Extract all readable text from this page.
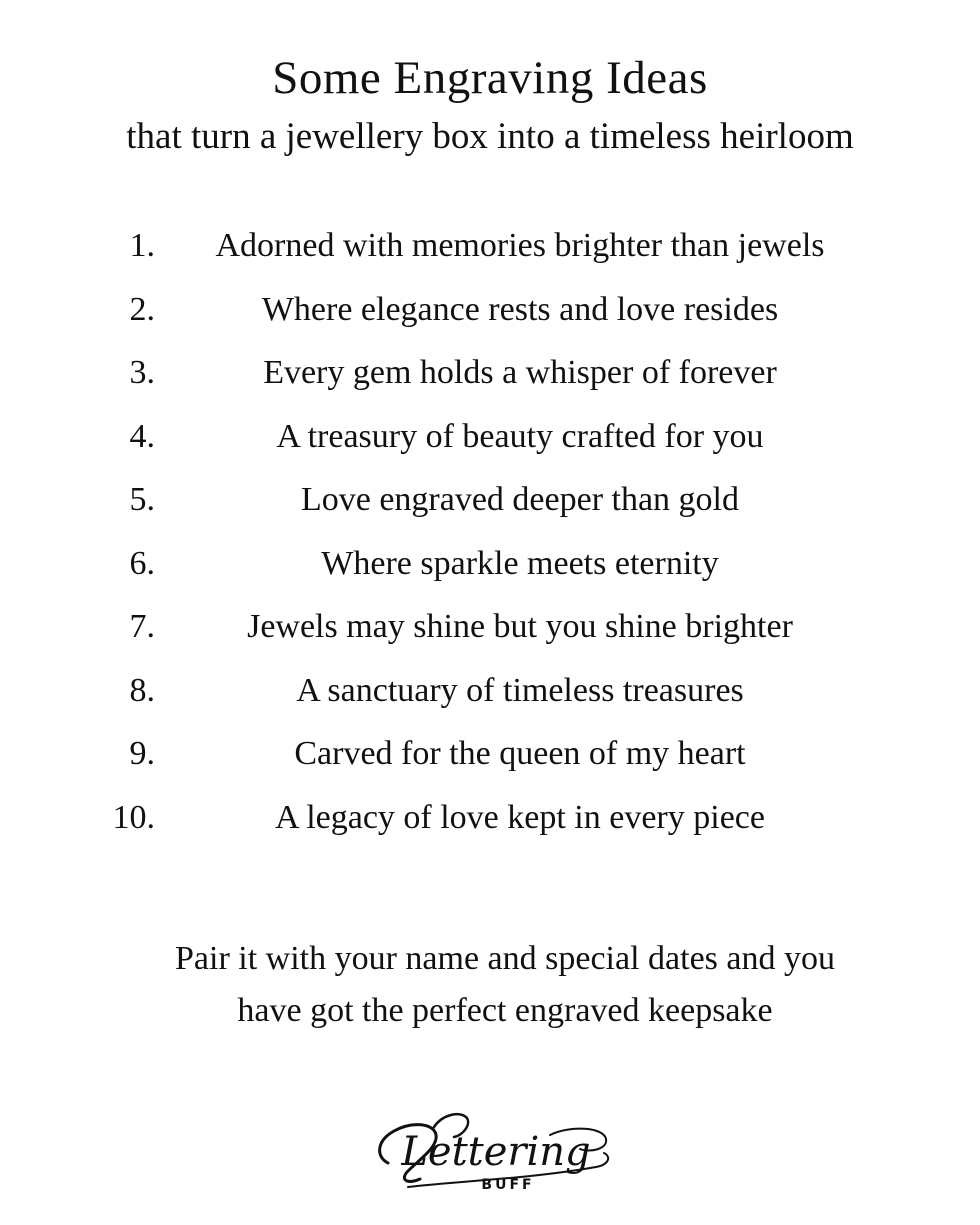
Some Engraving Ideas
that turn a jewellery box into a timeless heirloom
1.	Adorned with memories brighter than jewels
2.	Where elegance rests and love resides
3.	Every gem holds a whisper of forever
4.	A treasury of beauty crafted for you
5.	Love engraved deeper than gold
6.	Where sparkle meets eternity
7.	Jewels may shine but you shine brighter
8.	A sanctuary of timeless treasures
9.	Carved for the queen of my heart
10.	A legacy of love kept in every piece
Pair it with your name and special dates and you have got the perfect engraved keepsake
Lettering
BUFF
